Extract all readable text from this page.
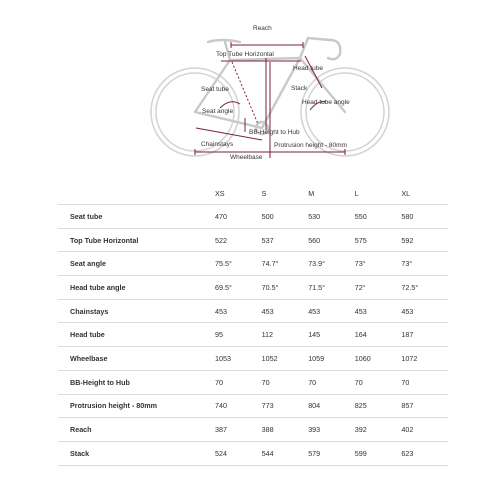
Reach
Top Tube Horizontal
Head tube
Stack
Seat tube
Head tube angle
Seat angle
BB-Height to Hub
Chainstays	Protrusion height - 80mm
Wheelbase
	XS	S	M	L	XL
Seat tube	470	500	530	550	580
Top Tube Horizontal	522	537	560	575	592
Seat angle	75.5°	74.7°	73.9°	73°	73°
Head tube angle	69.5°	70.5°	71.5°	72°	72.5°
Chainstays	453	453	453	453	453
Head tube	95	112	145	164	187
Wheelbase	1053	1052	1059	1060	1072
BB-Height to Hub	70	70	70	70	70
Protrusion height - 80mm	740	773	804	825	857
Reach	387	388	393	392	402
Stack	524	544	579	599	623
